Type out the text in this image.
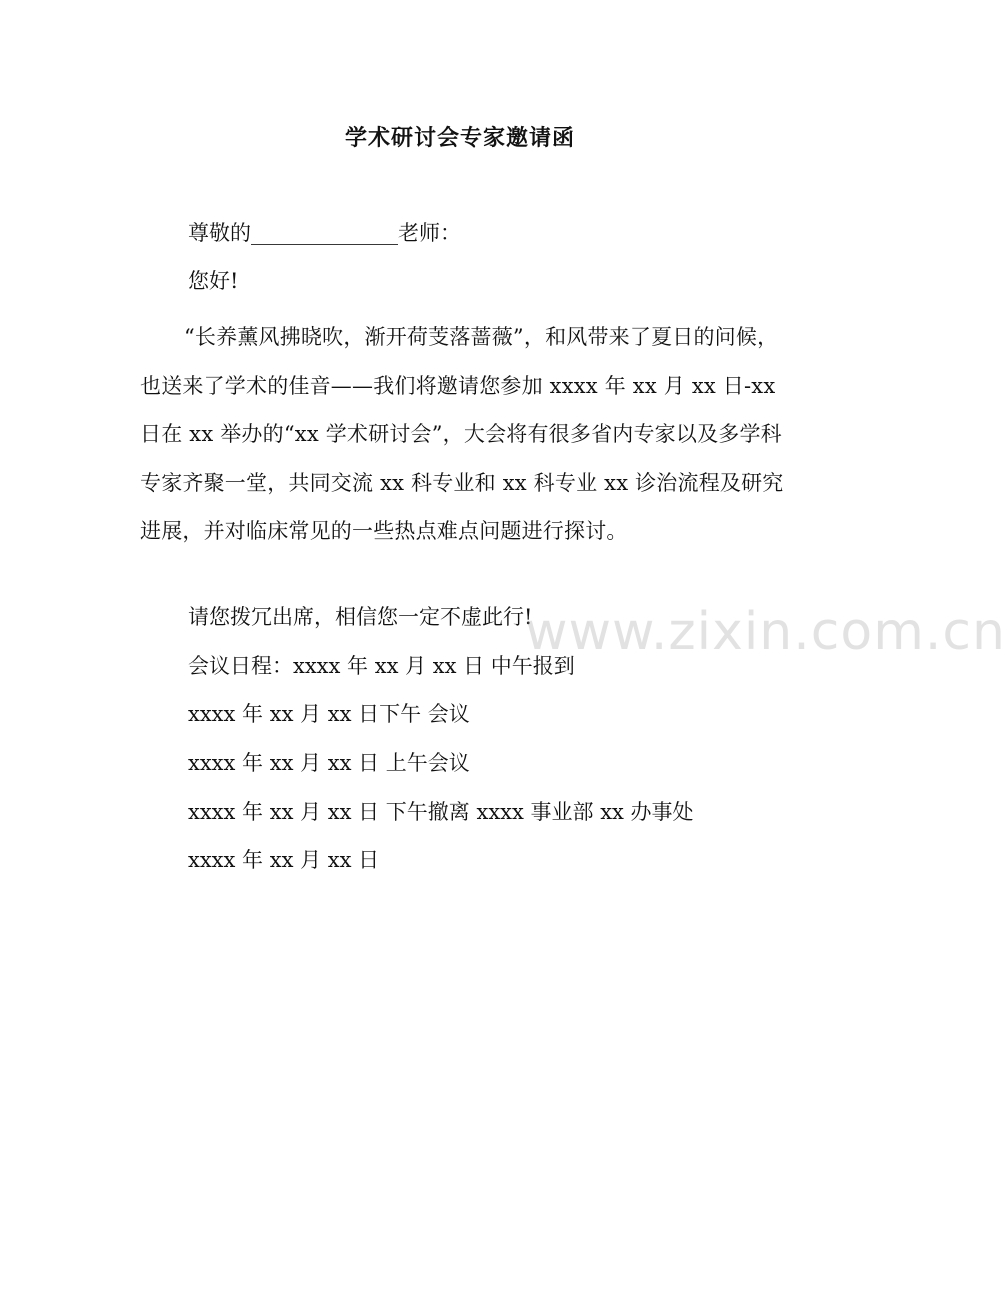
学术研讨会专家邀请函
尊敬的______________老师：
您好!
“长养薰风拂晓吹，渐开荷芰落蔷薇”，和风带来了夏日的问候，也送来了学术的佳音——我们将邀请您参加 xxxx 年 xx 月 xx 日-xx 日在 xx 举办的“xx 学术研讨会”，大会将有很多省内专家以及多学科专家齐聚一堂，共同交流 xx 科专业和 xx 科专业 xx 诊治流程及研究进展，并对临床常见的一些热点难点问题进行探讨。
请您拨冗出席，相信您一定不虚此行!
会议日程：xxxx 年 xx 月 xx 日 中午报到
xxxx 年 xx 月 xx 日下午 会议
xxxx 年 xx 月 xx 日 上午会议
xxxx 年 xx 月 xx 日 下午撤离 xxxx 事业部 xx 办事处
xxxx 年 xx 月 xx 日
www.zixin.com.cn
